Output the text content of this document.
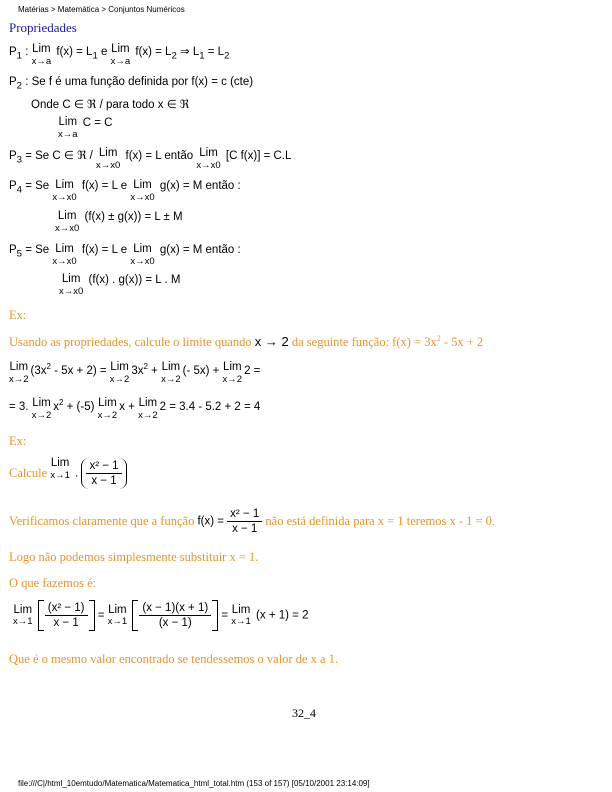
Matérias > Matemática > Conjuntos Numéricos
Propriedades
$P_1$ : Lim
x→a
$f(x) = L_1$ e Lim
x→a
$f(x) = L_2$ ⇒ $L_1 = L_2$
$P_2$ : Se f é uma função definida por f(x) = c (cte)
Onde C ∈ ℜ / para todo x ∈ ℜ
Lim
x→a
C = C
$P_3 = Se$ C ∈ ℜ / Lim
x→x0
f(x) = L então Lim
x→x0
[C f(x)] = C.L
$P_4 = Se$ Lim
x→x0
f(x) = L e Lim
x→x0
g(x) = M então :
Lim
x→x0
(f(x) ± g(x)) = L ± M
$P_5 = Se$ Lim
x→x0
f(x) = L e Lim
x→x0
g(x) = M então :
Lim
x→x0
(f(x) . g(x)) = L . M
Ex:
Usando as propriedades, calcule o limite quando x → 2 da seguinte função: $f(x) = 3x^2 - 5x + 2$
Lim
x→2
$(3x^2 - 5x + 2)$ = Lim
x→2
$3x^2$ + Lim
x→2
(- 5x) + Lim
x→2
2 =
= 3. Lim
x→2
$x^2 + (-5)$ Lim
x→2
x + Lim
x→2
2 = 3.4 - 5.2 + 2 = 4
Ex:
Calcule Lim
x→1 . $\frac{\text{x² − 1}}{x - 1}$
Verificamos claramente que a função $f(x) = \frac{\text{x² − 1}}{x - 1}$ não está definida para x = 1 teremos x - 1 = 0.
Logo não podemos simplesmente substituir x = 1.
O que fazemos é:
Lim
x→1
$\frac{\text{(x² − 1)}}{x - 1}$ = Lim
x→1
$\frac{(x - 1)(x + 1)}{(x - 1)}$ = Lim
x→1 (x + 1) = 2
Que é o mesmo valor encontrado se tendessemos o valor de x a 1.
32_4
file:///C|/html_10emtudo/Matematica/Matematica_html_total.htm (153 of 157) [05/10/2001 23:14:09]
